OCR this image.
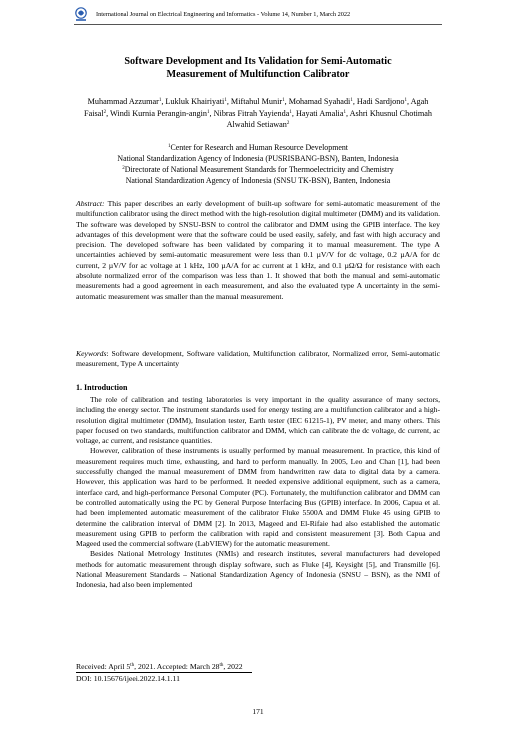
International Journal on Electrical Engineering and Informatics - Volume 14, Number 1, March 2022
Software Development and Its Validation for Semi-Automatic
Measurement of Multifunction Calibrator
Muhammad Azzumar$^1$, Lukluk Khairiyati$^1$, Miftahul Munir$^1$, Mohamad Syahadi$^1$, Hadi Sardjono$^1$, Agah Faisal$^2$, Windi Kurnia Perangin-angin$^1$, Nibras Fitrah Yayienda$^1$, Hayati Amalia$^1$, Ashri Khusnul Chotimah Alwahid Setiawan$^2$
$^1$Center for Research and Human Resource Development
National Standardization Agency of Indonesia (PUSRISBANG-BSN), Banten, Indonesia
$^2$Directorate of National Measurement Standards for Thermoelectricity and Chemistry
National Standardization Agency of Indonesia (SNSU TK-BSN), Banten, Indonesia
Abstract: This paper describes an early development of built-up software for semi-automatic measurement of the multifunction calibrator using the direct method with the high-resolution digital multimeter (DMM) and its validation. The software was developed by SNSU-BSN to control the calibrator and DMM using the GPIB interface. The key advantages of this development were that the software could be used easily, safely, and fast with high accuracy and precision. The developed software has been validated by comparing it to manual measurement. The type A uncertainties achieved by semi-automatic measurement were less than 0.1 µV/V for dc voltage, 0.2 µA/A for dc current, 2 µV/V for ac voltage at 1 kHz, 100 µA/A for ac current at 1 kHz, and 0.1 µΩ/Ω for resistance with each absolute normalized error of the comparison was less than 1. It showed that both the manual and semi-automatic measurements had a good agreement in each measurement, and also the evaluated type A uncertainty in the semi-automatic measurement was smaller than the manual measurement.
Keywords: Software development, Software validation, Multifunction calibrator, Normalized error, Semi-automatic measurement, Type A uncertainty
1. Introduction

The role of calibration and testing laboratories is very important in the quality assurance of many sectors, including the energy sector. The instrument standards used for energy testing are a multifunction calibrator and a high-resolution digital multimeter (DMM), Insulation tester, Earth tester (IEC 61215-1), PV meter, and many others. This paper focused on two standards, multifunction calibrator and DMM, which can calibrate the dc voltage, dc current, ac voltage, ac current, and resistance quantities.

However, calibration of these instruments is usually performed by manual measurement. In practice, this kind of measurement requires much time, exhausting, and hard to perform manually. In 2005, Leo and Chan [1], had been successfully changed the manual measurement of DMM from handwritten raw data to digital data by a camera. However, this application was hard to be performed. It needed expensive additional equipment, such as a camera, interface card, and high-performance Personal Computer (PC). Fortunately, the multifunction calibrator and DMM can be controlled automatically using the PC by General Purpose Interfacing Bus (GPIB) interface. In 2006, Capua et al. had been implemented automatic measurement of the calibrator Fluke 5500A and DMM Fluke 45 using GPIB to determine the calibration interval of DMM [2]. In 2013, Mageed and El-Rifaie had also established the automatic measurement using GPIB to perform the calibration with rapid and consistent measurement [3]. Both Capua and Mageed used the commercial software (LabVIEW) for the automatic measurement.

Besides National Metrology Institutes (NMIs) and research institutes, several manufacturers had developed methods for automatic measurement through display software, such as Fluke [4], Keysight [5], and Transmille [6]. National Measurement Standards – National Standardization Agency of Indonesia (SNSU – BSN), as the NMI of Indonesia, had also been implemented

Received: April 5th, 2021. Accepted: March 28th, 2022
DOI: 10.15676/ijeei.2022.14.1.11
171
